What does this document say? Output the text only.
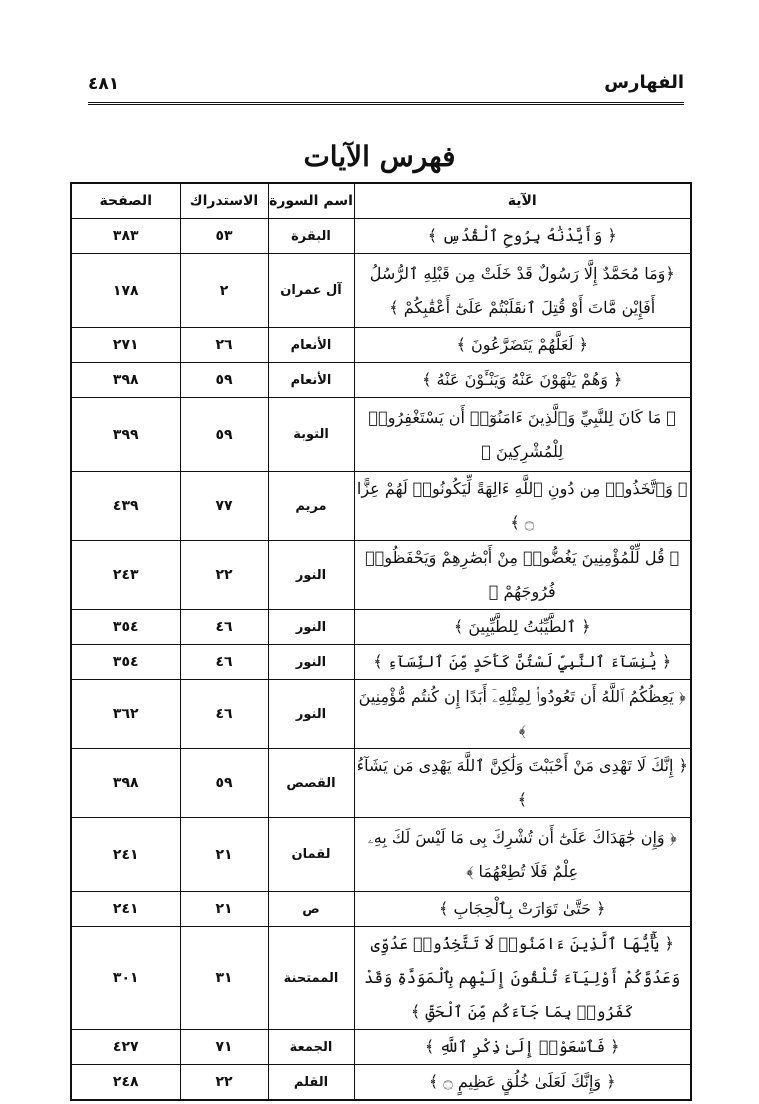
٤٨١	الفهارس
فهرس الآيات
الآية	اسم السورة	الاستدراك	الصفحة
﴿ وَأَيَّدْنَٰهُ بِرُوحِ ٱلْقُدُسِ ﴾	البقرة	٥٣	٣٨٣
﴿وَمَا مُحَمَّدٌ إِلَّا رَسُولٌ قَدْ خَلَتْ مِن قَبْلِهِ ٱلرُّسُلُ أَفَإِيْن مَّاتَ أَوْ قُتِلَ ٱنقَلَبْتُمْ عَلَىٰٓ أَعْقَٰبِكُمْ ﴾	آل عمران	٢	١٧٨
﴿ لَعَلَّهُمْ يَتَضَرَّعُونَ ﴾	الأنعام	٢٦	٢٧١
﴿ وَهُمْ يَنْهَوْنَ عَنْهُ وَيَنْـَٔوْنَ عَنْهُ ﴾	الأنعام	٥٩	٣٩٨
﴿ مَا كَانَ لِلنَّبِيِّ وَٱلَّذِينَ ءَامَنُوٓا۟ أَن يَسْتَغْفِرُوا۟ لِلْمُشْرِكِينَ ﴾	التوبة	٥٩	٣٩٩
﴿ وَٱتَّخَذُوا۟ مِن دُونِ ٱللَّهِ ءَالِهَةً لِّيَكُونُوا۟ لَهُمْ عِزًّا ۝ ﴾	مريم	٧٧	٤٣٩
﴿ قُل لِّلْمُؤْمِنِينَ يَغُضُّوا۟ مِنْ أَبْصَٰرِهِمْ وَيَحْفَظُوا۟ فُرُوجَهُمْ ﴾	النور	٢٢	٢٤٣
﴿ ٱلطَّيِّبَٰتُ لِلطَّيِّبِينَ ﴾	النور	٤٦	٣٥٤
﴿ يَٰنِسَآءَ ٱلنَّبِيِّ لَسْتُنَّ كَأَحَدٍ مِّنَ ٱلنِّسَآءِ ﴾	النور	٤٦	٣٥٤
﴿ يَعِظُكُمُ ٱللَّهُ أَن تَعُودُوا۟ لِمِثْلِهِۦٓ أَبَدًا إِن كُنتُم مُّؤْمِنِينَ ﴾	النور	٤٦	٣٦٢
﴿ إِنَّكَ لَا تَهْدِى مَنْ أَحْبَبْتَ وَلَٰكِنَّ ٱللَّهَ يَهْدِى مَن يَشَآءُ ﴾	القصص	٥٩	٣٩٨
﴿ وَإِن جَٰهَدَاكَ عَلَىٰٓ أَن تُشْرِكَ بِى مَا لَيْسَ لَكَ بِهِۦ عِلْمٌ فَلَا تُطِعْهُمَا ﴾	لقمان	٢١	٢٤١
﴿ حَتَّىٰ تَوَارَتْ بِٱلْحِجَابِ ﴾	ص	٢١	٢٤١
﴿ يَٰٓأَيُّهَا ٱلَّذِينَ ءَامَنُوا۟ لَا تَتَّخِذُوا۟ عَدُوِّى وَعَدُوَّكُمْ أَوْلِيَآءَ تُلْقُونَ إِلَيْهِم بِٱلْمَوَدَّةِ وَقَدْ كَفَرُوا۟ بِمَا جَآءَكُم مِّنَ ٱلْحَقِّ ﴾	الممتحنة	٣١	٣٠١
﴿ فَٱسْعَوْا۟ إِلَىٰ ذِكْرِ ٱللَّهِ ﴾	الجمعة	٧١	٤٢٧
﴿ وَإِنَّكَ لَعَلَىٰ خُلُقٍ عَظِيمٍ ۝ ﴾	القلم	٢٢	٢٤٨
